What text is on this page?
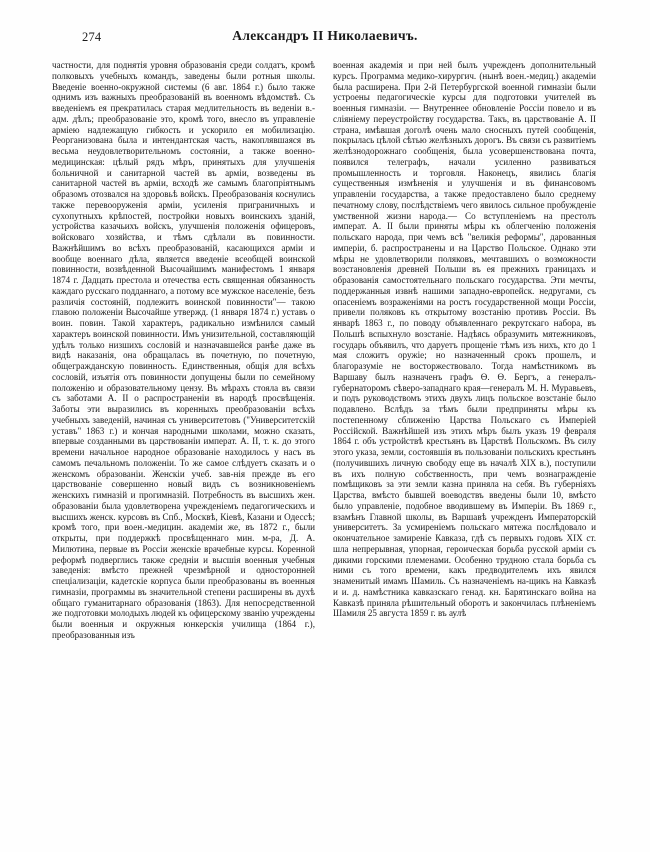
274	Александръ II Николаевичъ.

частности, для поднятія уровня образованія среди солдатъ, кромѣ полковыхъ учебныхъ командъ, заведены были ротныя школы. Введеніе военно-окружной системы (6 авг. 1864 г.) было также однимъ изъ важныхъ преобразованій въ военномъ вѣдомствѣ. Съ введеніемъ ея прекратилась старая медлительность въ веденіи в.-адм. дѣлъ; преобразованіе это, кромѣ того, внесло въ управленіе арміею надлежащую гибкость и ускорило ея мобилизацію. Реорганизована была и интендантская часть, накоплявшаяся въ весьма неудовлетворительномъ состояніи, а также военно-медицинская: цѣлый рядъ мѣръ, принятыхъ для улучшенія больничной и санитарной частей въ арміи, возведены въ санитарной частей въ арміи, всходѣ же самымъ благопріятнымъ образомъ отозвался на здоровьѣ войскъ. Преобразованія коснулись также перевооруженія арміи, усиленія приграничныхъ и сухопутныхъ крѣпостей, постройки новыхъ воинскихъ зданій, устройства казачьихъ войскъ, улучшенія положенія офицеровъ, войсковаго хозяйства, и тѣмъ сдѣлали въ повинности. Важнѣйшимъ во всѣхъ преобразованій, касающихся арміи и вообще военнаго дѣла, является введеніе всеобщей воинской повинности, возвѣденной Высочайшимъ манифестомъ 1 января 1874 г. Дадцать престола и отечества есть священная обязанность каждаго русскаго подданнаго, а потому все мужское населеніе, безъ различія состояній, подлежитъ воинской повинности"— такою главою положеніи Высочайше утвержд. (1 января 1874 г.) уставъ о воин. повин. Такой характеръ, радикально измѣнился самый характеръ воинской повинности. Имъ унизительной, составляющій удѣлъ только низшихъ сословій и назначавшейся ранѣе даже въ видѣ наказанія, она обращалась въ почетную, по почетную, общегражданскую повинность. Единственныя, общія для всѣхъ сословій, изъятія отъ повинности допущены были по семейному положенію и образовательному цензу. Въ мѣрахъ стояла въ связи съ заботами А. II о распространеніи въ народѣ просвѣщенія. Заботы эти выразились въ коренныхъ преобразованіи всѣхъ учебныхъ заведеній, начиная съ университетовъ ("Университетскій уставъ" 1863 г.) и кончая народными школами, можно сказать, впервые созданными въ царствованіи императ. А. II, т. к. до этого времени начальное народное образованіе находилось у насъ въ самомъ печальномъ положеніи. То же самое слѣдуетъ сказать и о женскомъ образованіи. Женскіи учеб. зав-нія прежде въ его царствованіе совершенно новый видъ съ возникновеніемъ женскихъ гимназій и прогимназій. Потребность въ высшихъ жен. образованіи была удовлетворена учрежденіемъ педагогическихъ и высшихъ женск. курсовъ въ Спб., Москвѣ, Кіевѣ, Казани и Одессѣ; кромѣ того, при воен.-медицин. академіи же, въ 1872 г., были открыты, при поддержкѣ просвѣщеннаго мин. м-ра, Д. А. Милютина, первые въ Россіи женскіе врачебные курсы. Коренной реформѣ подверглись также средніи и высшія военныя учебныя заведенія: вмѣсто прежней чрезмѣрной и односторонней спеціализаціи, кадетскіе корпуса были преобразованы въ военныя гимназіи, программы въ значительной степени расширены въ духѣ общаго гуманитарнаго образованія (1863). Для непосредственной же подготовки молодыхъ людей къ офицерскому званію учреждены были военныя и окружныя юнкерскія училища (1864 г.), преобразованныя изъ

военная академія и при ней былъ учрежденъ дополнительный курсъ. Программа медико-хирургич. (нынѣ воен.-медиц.) академіи была расширена. При 2-й Петербургской военной гимназіи были устроены педагогическіе курсы для подготовки учителей въ военныя гимназіи. — Внутреннее обновленіе Россіи повело и въ сліяніему переустройству государства. Такъ, въ царствованіе А. II страна, имѣвшая доголѣ очень мало сносныхъ путей сообщенія, покрылась цѣлой сѣтью желѣзныхъ дорогъ. Въ связи съ развитіемъ желѣзнодорожнаго сообщенія, была усовершенствована почта, появился телеграфъ, начали усиленно развиваться промышленность и торговля. Наконецъ, явились благія существенныя измѣненія и улучшенія и въ финансовомъ управленіи государства, а также предоставлено было среднему печатному слову, послѣдствіемъ чего явилось сильное пробужденіе умственной жизни народа.— Со вступленіемъ на престолъ императ. А. II были приняты мѣры къ облегченію положенія польскаго народа, при чемъ всѣ "великія реформы", дарованныя имперіи, б. распространены и на Царство Польское. Однако эти мѣры не удовлетворили поляковъ, мечтавшихъ о возможности возстановленія древней Польши въ ея прежнихъ границахъ и образованія самостоятельнаго польскаго государства. Эти мечты, поддержанныя извнѣ нашими западно-европейск. недругами, съ опасеніемъ возраженіями на ростъ государственной мощи Россіи, привели поляковъ къ открытому возстанію противъ Россіи. Въ январѣ 1863 г., по поводу объявленнаго рекрутскаго набора, въ Польшѣ вспыхнуло возстаніе. Надѣясь образумить мятежниковъ, государь объявилъ, что даруетъ прощеніе тѣмъ изъ нихъ, кто до 1 мая сложитъ оружіе; но назначенный срокъ прошелъ, и благоразуміе не восторжествовало. Тогда намѣстникомъ въ Варшаву былъ назначенъ графъ Ѳ. Ѳ. Бергъ, а генералъ-губернаторомъ сѣверо-западнаго края—генералъ М. Н. Муравьевъ, и подъ руководствомъ этихъ двухъ лицъ польское возстаніе было подавлено. Вслѣдъ за тѣмъ были предприняты мѣры къ постепенному сближенію Царства Польскаго съ Имперіей Россійской. Важнѣйшей изъ этихъ мѣръ былъ указъ 19 февраля 1864 г. объ устройствѣ крестьянъ въ Царствѣ Польскомъ. Въ силу этого указа, земли, состоявшія въ пользованіи польскихъ крестьянъ (получившихъ личную свободу еще въ началѣ XIX в.), поступили въ ихъ полную собственность, при чемъ вознагражденіе помѣщиковъ за эти земли казна приняла на себя. Въ губерніяхъ Царства, вмѣсто бывшей воеводствъ введены были 10, вмѣсто было управленіе, подобное вводившему въ Имперіи. Въ 1869 г., взамѣнъ Главной школы, въ Варшавѣ учрежденъ Императорскій университетъ. За усмиреніемъ польскаго мятежа послѣдовало и окончательное замиреніе Кавказа, гдѣ съ первыхъ годовъ XIX ст. шла непрерывная, упорная, героическая борьба русской арміи съ дикими горскими племенами. Особенно трудною стала борьба съ ними съ того времени, какъ предводителемъ ихъ явился знаменитый имамъ Шамиль. Съ назначеніемъ на-щикъ на Кавказѣ и и. д. намѣстника кавказскаго генад. кн. Барятинскаго война на Кавказѣ приняла рѣшительный оборотъ и закончилась плѣненіемъ Шамиля 25 августа 1859 г. въ аулѣ
